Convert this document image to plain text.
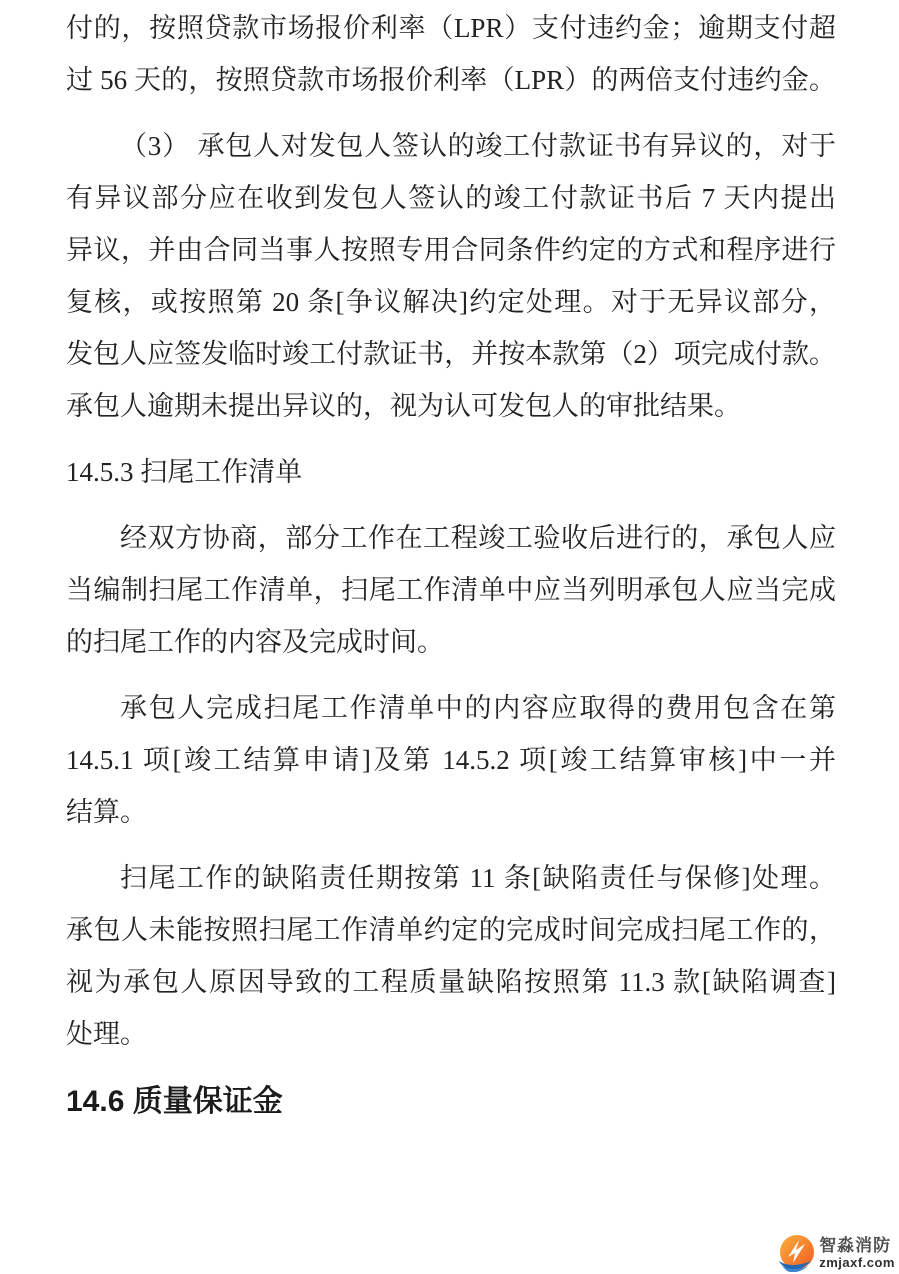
付的，按照贷款市场报价利率（LPR）支付违约金；逾期支付超
过 56 天的，按照贷款市场报价利率（LPR）的两倍支付违约金。
（3） 承包人对发包人签认的竣工付款证书有异议的，对于
有异议部分应在收到发包人签认的竣工付款证书后 7 天内提出
异议，并由合同当事人按照专用合同条件约定的方式和程序进行
复核，或按照第 20 条[争议解决]约定处理。对于无异议部分，
发包人应签发临时竣工付款证书，并按本款第（2）项完成付款。
承包人逾期未提出异议的，视为认可发包人的审批结果。
14.5.3 扫尾工作清单
经双方协商，部分工作在工程竣工验收后进行的，承包人应
当编制扫尾工作清单，扫尾工作清单中应当列明承包人应当完成
的扫尾工作的内容及完成时间。
承包人完成扫尾工作清单中的内容应取得的费用包含在第
14.5.1 项[竣工结算申请]及第 14.5.2 项[竣工结算审核]中一并
结算。
扫尾工作的缺陷责任期按第 11 条[缺陷责任与保修]处理。
承包人未能按照扫尾工作清单约定的完成时间完成扫尾工作的，
视为承包人原因导致的工程质量缺陷按照第 11.3 款[缺陷调查]
处理。
14.6 质量保证金
智淼消防
zmjaxf.com
